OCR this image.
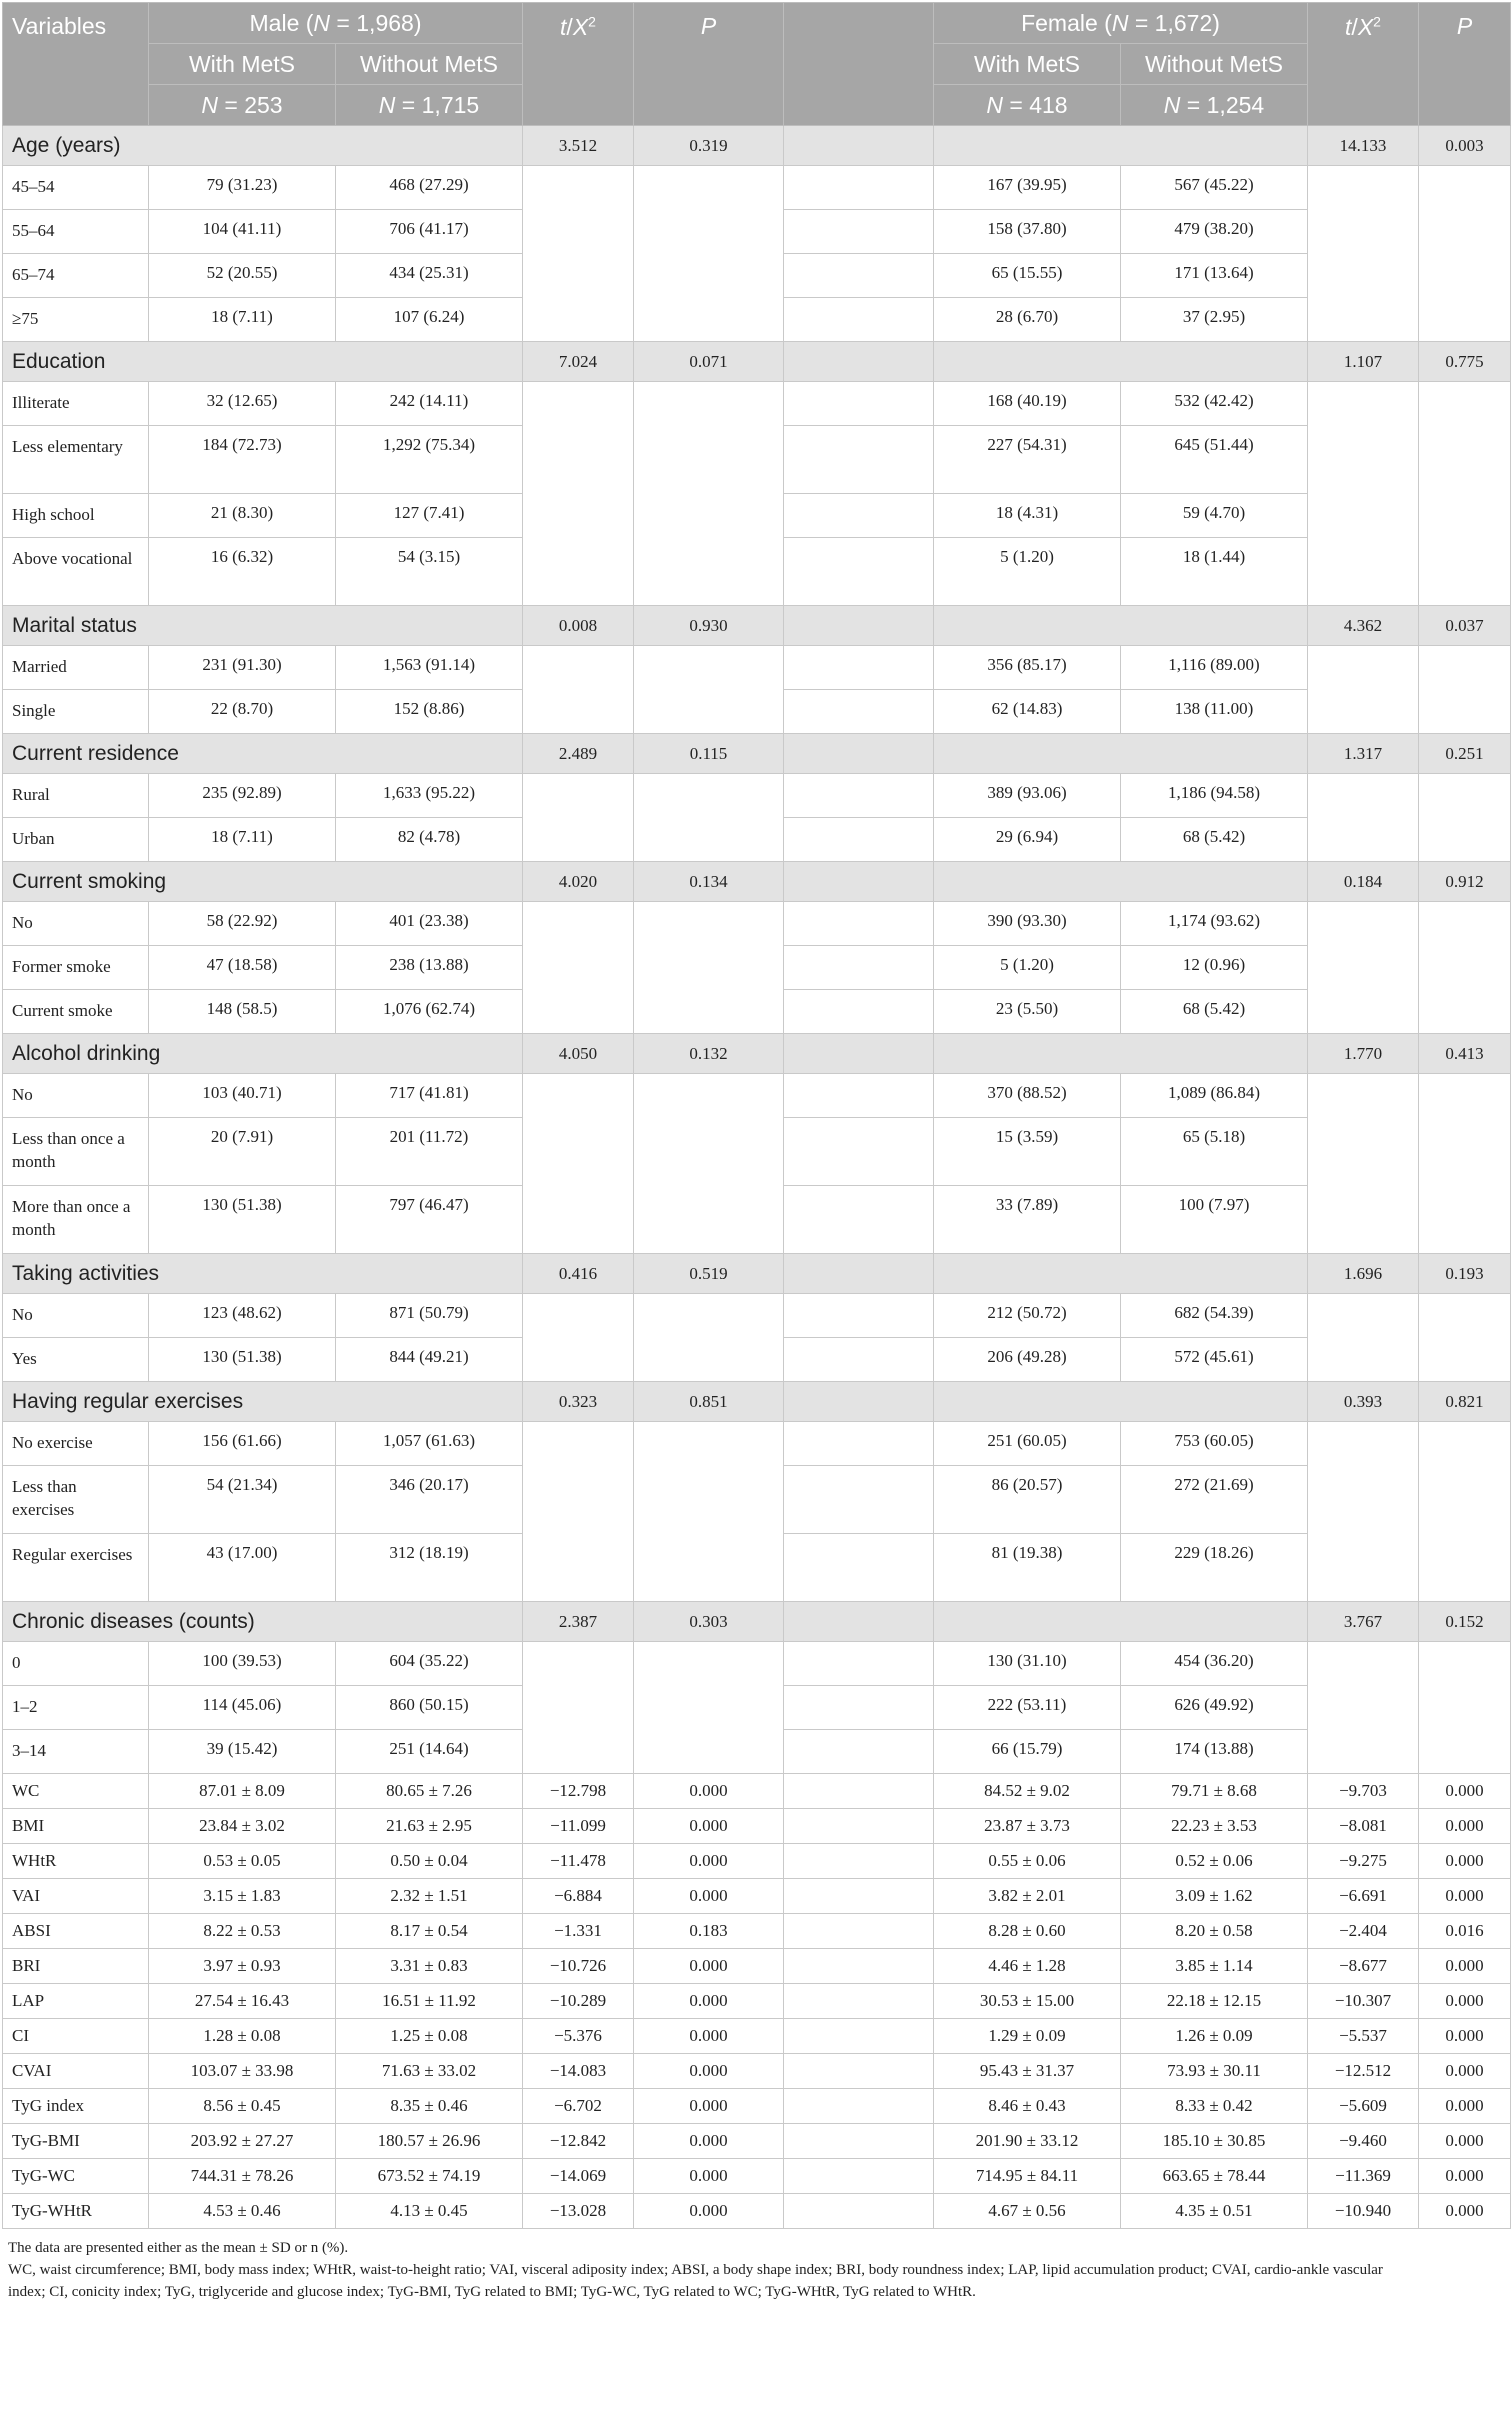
Variables	Male (N = 1,968)		$t/X^2$	P		Female (N = 1,672)		$t/X^2$	P
	With MetS	Without MetS				With MetS	Without MetS		
	N = 253	N = 1,715				N = 418	N = 1,254		
Age (years)			3.512	0.319				14.133	0.003
45–54	79 (31.23)	468 (27.29)				167 (39.95)	567 (45.22)		
55–64	104 (41.11)	706 (41.17)				158 (37.80)	479 (38.20)		
65–74	52 (20.55)	434 (25.31)				65 (15.55)	171 (13.64)		
≥75	18 (7.11)	107 (6.24)				28 (6.70)	37 (2.95)		
Education			7.024	0.071				1.107	0.775
Illiterate	32 (12.65)	242 (14.11)				168 (40.19)	532 (42.42)		
Less elementary	184 (72.73)	1,292 (75.34)				227 (54.31)	645 (51.44)		
High school	21 (8.30)	127 (7.41)				18 (4.31)	59 (4.70)		
Above vocational	16 (6.32)	54 (3.15)				5 (1.20)	18 (1.44)		
Marital status			0.008	0.930				4.362	0.037
Married	231 (91.30)	1,563 (91.14)				356 (85.17)	1,116 (89.00)		
Single	22 (8.70)	152 (8.86)				62 (14.83)	138 (11.00)		
Current residence			2.489	0.115				1.317	0.251
Rural	235 (92.89)	1,633 (95.22)				389 (93.06)	1,186 (94.58)		
Urban	18 (7.11)	82 (4.78)				29 (6.94)	68 (5.42)		
Current smoking			4.020	0.134				0.184	0.912
No	58 (22.92)	401 (23.38)				390 (93.30)	1,174 (93.62)		
Former smoke	47 (18.58)	238 (13.88)				5 (1.20)	12 (0.96)		
Current smoke	148 (58.5)	1,076 (62.74)				23 (5.50)	68 (5.42)		
Alcohol drinking			4.050	0.132				1.770	0.413
No	103 (40.71)	717 (41.81)				370 (88.52)	1,089 (86.84)		
Less than once a month	20 (7.91)	201 (11.72)				15 (3.59)	65 (5.18)		
More than once a month	130 (51.38)	797 (46.47)				33 (7.89)	100 (7.97)		
Taking activities			0.416	0.519				1.696	0.193
No	123 (48.62)	871 (50.79)				212 (50.72)	682 (54.39)		
Yes	130 (51.38)	844 (49.21)				206 (49.28)	572 (45.61)		
Having regular exercises			0.323	0.851				0.393	0.821
No exercise	156 (61.66)	1,057 (61.63)				251 (60.05)	753 (60.05)		
Less than exercises	54 (21.34)	346 (20.17)				86 (20.57)	272 (21.69)		
Regular exercises	43 (17.00)	312 (18.19)				81 (19.38)	229 (18.26)		
Chronic diseases (counts)			2.387	0.303				3.767	0.152
0	100 (39.53)	604 (35.22)				130 (31.10)	454 (36.20)		
1–2	114 (45.06)	860 (50.15)				222 (53.11)	626 (49.92)		
3–14	39 (15.42)	251 (14.64)				66 (15.79)	174 (13.88)		
WC	87.01 ± 8.09	80.65 ± 7.26	−12.798	0.000		84.52 ± 9.02	79.71 ± 8.68	−9.703	0.000
BMI	23.84 ± 3.02	21.63 ± 2.95	−11.099	0.000		23.87 ± 3.73	22.23 ± 3.53	−8.081	0.000
WHtR	0.53 ± 0.05	0.50 ± 0.04	−11.478	0.000		0.55 ± 0.06	0.52 ± 0.06	−9.275	0.000
VAI	3.15 ± 1.83	2.32 ± 1.51	−6.884	0.000		3.82 ± 2.01	3.09 ± 1.62	−6.691	0.000
ABSI	8.22 ± 0.53	8.17 ± 0.54	−1.331	0.183		8.28 ± 0.60	8.20 ± 0.58	−2.404	0.016
BRI	3.97 ± 0.93	3.31 ± 0.83	−10.726	0.000		4.46 ± 1.28	3.85 ± 1.14	−8.677	0.000
LAP	27.54 ± 16.43	16.51 ± 11.92	−10.289	0.000		30.53 ± 15.00	22.18 ± 12.15	−10.307	0.000
CI	1.28 ± 0.08	1.25 ± 0.08	−5.376	0.000		1.29 ± 0.09	1.26 ± 0.09	−5.537	0.000
CVAI	103.07 ± 33.98	71.63 ± 33.02	−14.083	0.000		95.43 ± 31.37	73.93 ± 30.11	−12.512	0.000
TyG index	8.56 ± 0.45	8.35 ± 0.46	−6.702	0.000		8.46 ± 0.43	8.33 ± 0.42	−5.609	0.000
TyG-BMI	203.92 ± 27.27	180.57 ± 26.96	−12.842	0.000		201.90 ± 33.12	185.10 ± 30.85	−9.460	0.000
TyG-WC	744.31 ± 78.26	673.52 ± 74.19	−14.069	0.000		714.95 ± 84.11	663.65 ± 78.44	−11.369	0.000
TyG-WHtR	4.53 ± 0.46	4.13 ± 0.45	−13.028	0.000		4.67 ± 0.56	4.35 ± 0.51	−10.940	0.000
The data are presented either as the mean ± SD or n (%).
WC, waist circumference; BMI, body mass index; WHtR, waist-to-height ratio; VAI, visceral adiposity index; ABSI, a body shape index; BRI, body roundness index; LAP, lipid accumulation product; CVAI, cardio-ankle vascular index; CI, conicity index; TyG, triglyceride and glucose index; TyG-BMI, TyG related to BMI; TyG-WC, TyG related to WC; TyG-WHtR, TyG related to WHtR.
